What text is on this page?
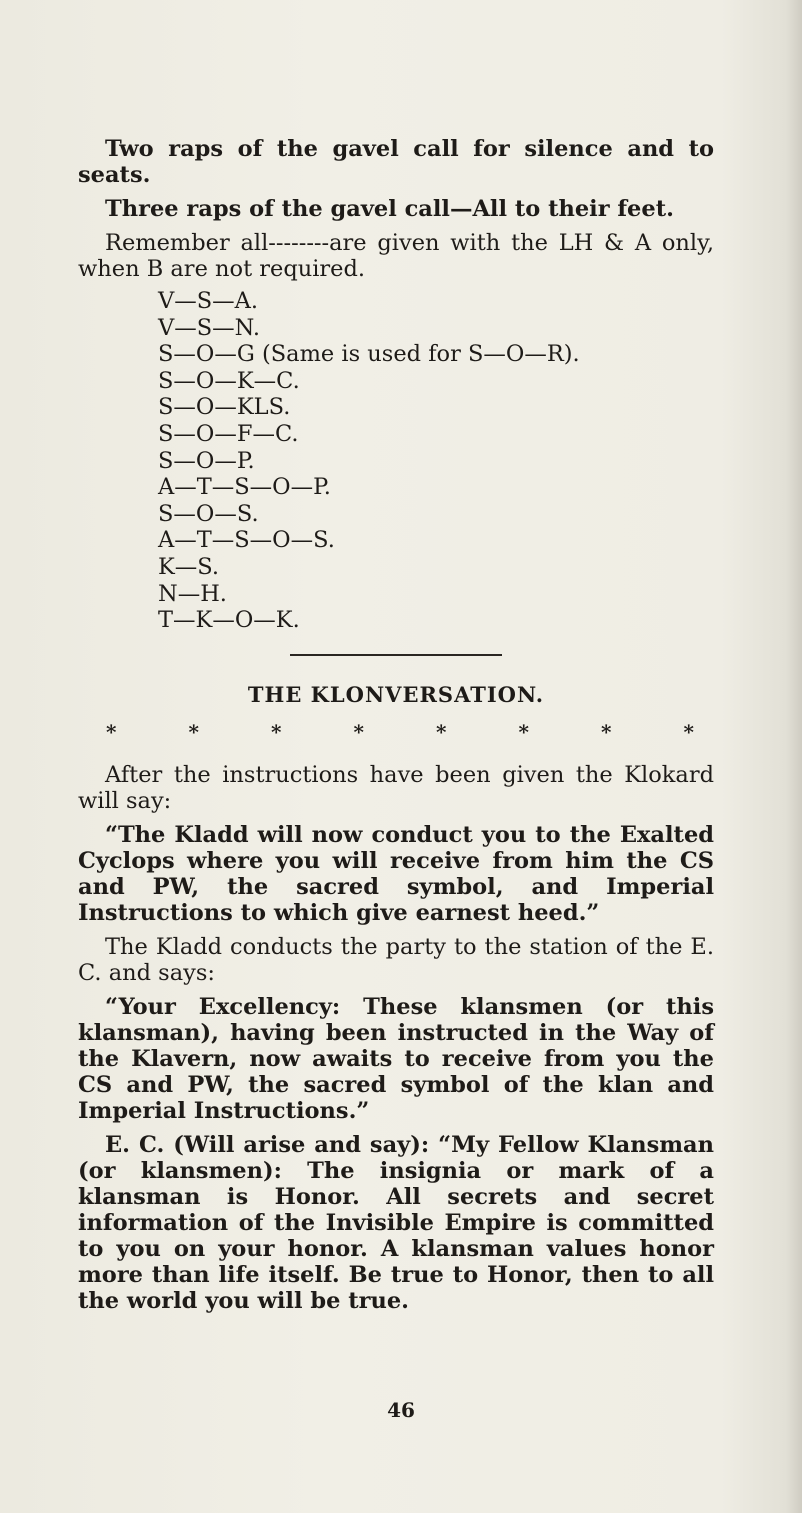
Two raps of the gavel call for silence and to seats.

Three raps of the gavel call—All to their feet.

Remember all--------are given with the LH & A only, when B are not required.

V—S—A.
V—S—N.
S—O—G (Same is used for S—O—R).
S—O—K—C.
S—O—KLS.
S—O—F—C.
S—O—P.
A—T—S—O—P.
S—O—S.
A—T—S—O—S.
K—S.
N—H.
T—K—O—K.
THE KLONVERSATION.
*	*	*	*	*	*	*	*

After the instructions have been given the Klokard will say:

“The Kladd will now conduct you to the Exalted Cyclops where you will receive from him the CS and PW, the sacred symbol, and Imperial Instructions to which give earnest heed.”

The Kladd conducts the party to the station of the E. C. and says:

“Your Excellency: These klansmen (or this klansman), having been instructed in the Way of the Klavern, now awaits to receive from you the CS and PW, the sacred symbol of the klan and Imperial Instructions.”

E. C. (Will arise and say): “My Fellow Klansman (or klansmen): The insignia or mark of a klansman is Honor. All secrets and secret information of the Invisible Empire is committed to you on your honor. A klansman values honor more than life itself. Be true to Honor, then to all the world you will be true.

46
